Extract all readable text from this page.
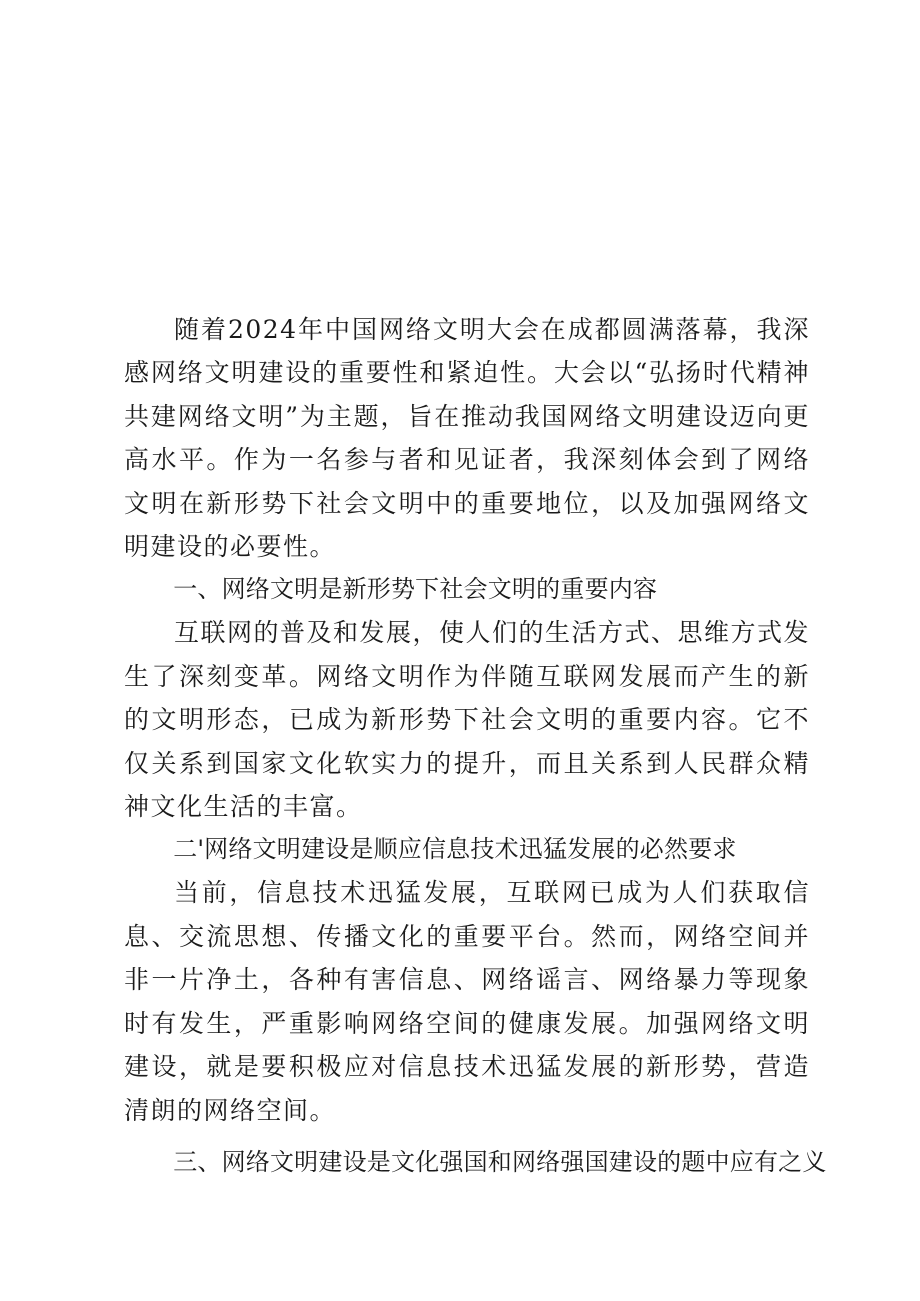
随着2024年中国网络文明大会在成都圆满落幕，我深感网络文明建设的重要性和紧迫性。大会以“弘扬时代精神共建网络文明”为主题，旨在推动我国网络文明建设迈向更高水平。作为一名参与者和见证者，我深刻体会到了网络文明在新形势下社会文明中的重要地位，以及加强网络文明建设的必要性。

一、网络文明是新形势下社会文明的重要内容

互联网的普及和发展，使人们的生活方式、思维方式发生了深刻变革。网络文明作为伴随互联网发展而产生的新的文明形态，已成为新形势下社会文明的重要内容。它不仅关系到国家文化软实力的提升，而且关系到人民群众精神文化生活的丰富。

二'网络文明建设是顺应信息技术迅猛发展的必然要求

当前，信息技术迅猛发展，互联网已成为人们获取信息、交流思想、传播文化的重要平台。然而，网络空间并非一片净土，各种有害信息、网络谣言、网络暴力等现象时有发生，严重影响网络空间的健康发展。加强网络文明建设，就是要积极应对信息技术迅猛发展的新形势，营造清朗的网络空间。

三、网络文明建设是文化强国和网络强国建设的题中应有之义
